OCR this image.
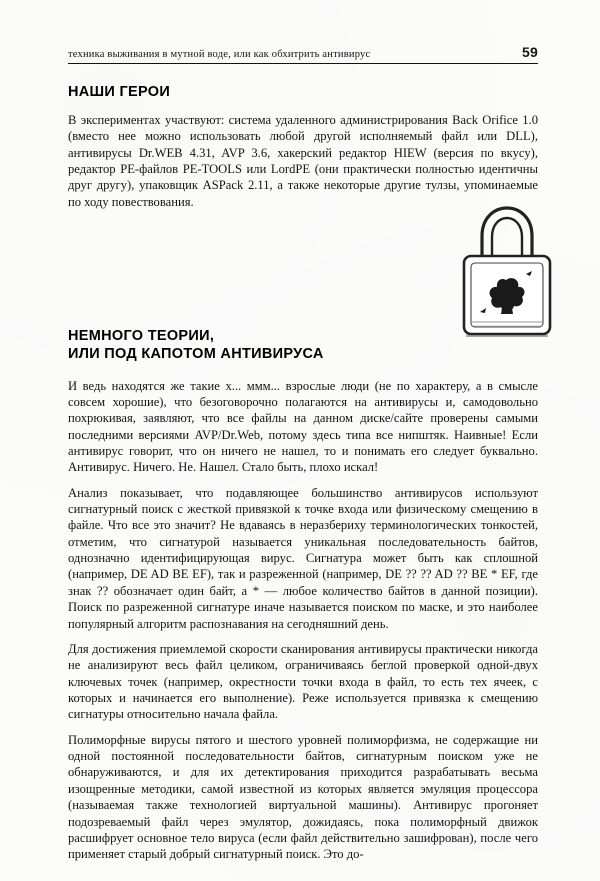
техника выживания в мутной воде, или как обхитрить антивирус	59
НАШИ ГЕРОИ

В экспериментах участвуют: система удаленного администрирования Back Orifice 1.0 (вместо нее можно использовать любой другой исполняемый файл или DLL), антивирусы Dr.WEB 4.31, AVP 3.6, хакерский редактор HIEW (версия по вкусу), редактор PE-файлов PE-TOOLS или LordPE (они практически полностью идентичны друг другу), упаковщик ASPack 2.11, а также некоторые другие тулзы, упоминаемые по ходу повествования.

НЕМНОГО ТЕОРИИ,
ИЛИ ПОД КАПОТОМ АНТИВИРУСА

И ведь находятся же такие х... ммм... взрослые люди (не по характеру, а в смысле совсем хорошие), что безоговорочно полагаются на антивирусы и, самодовольно похрюкивая, заявляют, что все файлы на данном диске/сайте проверены самыми последними версиями AVP/Dr.Web, потому здесь типа все нипштяк. Наивные! Если антивирус говорит, что он ничего не нашел, то и понимать его следует буквально. Антивирус. Ничего. Не. Нашел. Стало быть, плохо искал!

Анализ показывает, что подавляющее большинство антивирусов используют сигнатурный поиск с жесткой привязкой к точке входа или физическому смещению в файле. Что все это значит? Не вдаваясь в неразбериху терминологических тонкостей, отметим, что сигнатурой называется уникальная последовательность байтов, однозначно идентифицирующая вирус. Сигнатура может быть как сплошной (например, DE AD BE EF), так и разреженной (например, DE ?? ?? AD ?? BE * EF, где знак ?? обозначает один байт, а * — любое количество байтов в данной позиции). Поиск по разреженной сигнатуре иначе называется поиском по маске, и это наиболее популярный алгоритм распознавания на сегодняшний день.

Для достижения приемлемой скорости сканирования антивирусы практически никогда не анализируют весь файл целиком, ограничиваясь беглой проверкой одной-двух ключевых точек (например, окрестности точки входа в файл, то есть тех ячеек, с которых и начинается его выполнение). Реже используется привязка к смещению сигнатуры относительно начала файла.

Полиморфные вирусы пятого и шестого уровней полиморфизма, не содержащие ни одной постоянной последовательности байтов, сигнатурным поиском уже не обнаруживаются, и для их детектирования приходится разрабатывать весьма изощренные методики, самой известной из которых является эмуляция процессора (называемая также технологией виртуальной машины). Антивирус прогоняет подозреваемый файл через эмулятор, дожидаясь, пока полиморфный движок расшифрует основное тело вируса (если файл действительно зашифрован), после чего применяет старый добрый сигнатурный поиск. Это до-
